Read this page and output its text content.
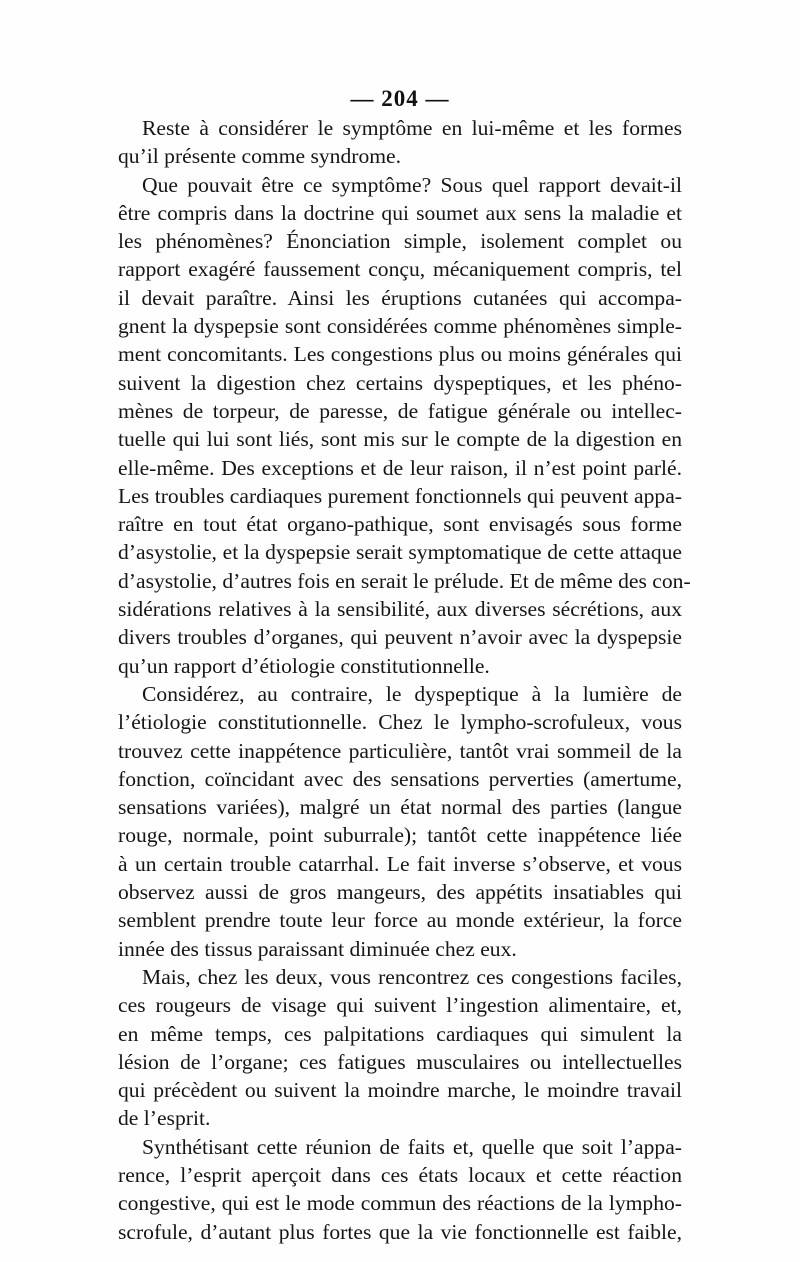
— 204 —
Reste à considérer le symptôme en lui-même et les formes
qu’il présente comme syndrome.
Que pouvait être ce symptôme? Sous quel rapport devait-il
être compris dans la doctrine qui soumet aux sens la maladie et
les phénomènes? Énonciation simple, isolement complet ou
rapport exagéré faussement conçu, mécaniquement compris, tel
il devait paraître. Ainsi les éruptions cutanées qui accompa-
gnent la dyspepsie sont considérées comme phénomènes simple-
ment concomitants. Les congestions plus ou moins générales qui
suivent la digestion chez certains dyspeptiques, et les phéno-
mènes de torpeur, de paresse, de fatigue générale ou intellec-
tuelle qui lui sont liés, sont mis sur le compte de la digestion en
elle-même. Des exceptions et de leur raison, il n’est point parlé.
Les troubles cardiaques purement fonctionnels qui peuvent appa-
raître en tout état organo-pathique, sont envisagés sous forme
d’asystolie, et la dyspepsie serait symptomatique de cette attaque
d’asystolie, d’autres fois en serait le prélude. Et de même des con-
sidérations relatives à la sensibilité, aux diverses sécrétions, aux
divers troubles d’organes, qui peuvent n’avoir avec la dyspepsie
qu’un rapport d’étiologie constitutionnelle.
Considérez, au contraire, le dyspeptique à la lumière de
l’étiologie constitutionnelle. Chez le lympho-scrofuleux, vous
trouvez cette inappétence particulière, tantôt vrai sommeil de la
fonction, coïncidant avec des sensations perverties (amertume,
sensations variées), malgré un état normal des parties (langue
rouge, normale, point suburrale); tantôt cette inappétence liée
à un certain trouble catarrhal. Le fait inverse s’observe, et vous
observez aussi de gros mangeurs, des appétits insatiables qui
semblent prendre toute leur force au monde extérieur, la force
innée des tissus paraissant diminuée chez eux.
Mais, chez les deux, vous rencontrez ces congestions faciles,
ces rougeurs de visage qui suivent l’ingestion alimentaire, et,
en même temps, ces palpitations cardiaques qui simulent la
lésion de l’organe; ces fatigues musculaires ou intellectuelles
qui précèdent ou suivent la moindre marche, le moindre travail
de l’esprit.
Synthétisant cette réunion de faits et, quelle que soit l’appa-
rence, l’esprit aperçoit dans ces états locaux et cette réaction
congestive, qui est le mode commun des réactions de la lympho-
scrofule, d’autant plus fortes que la vie fonctionnelle est faible,
